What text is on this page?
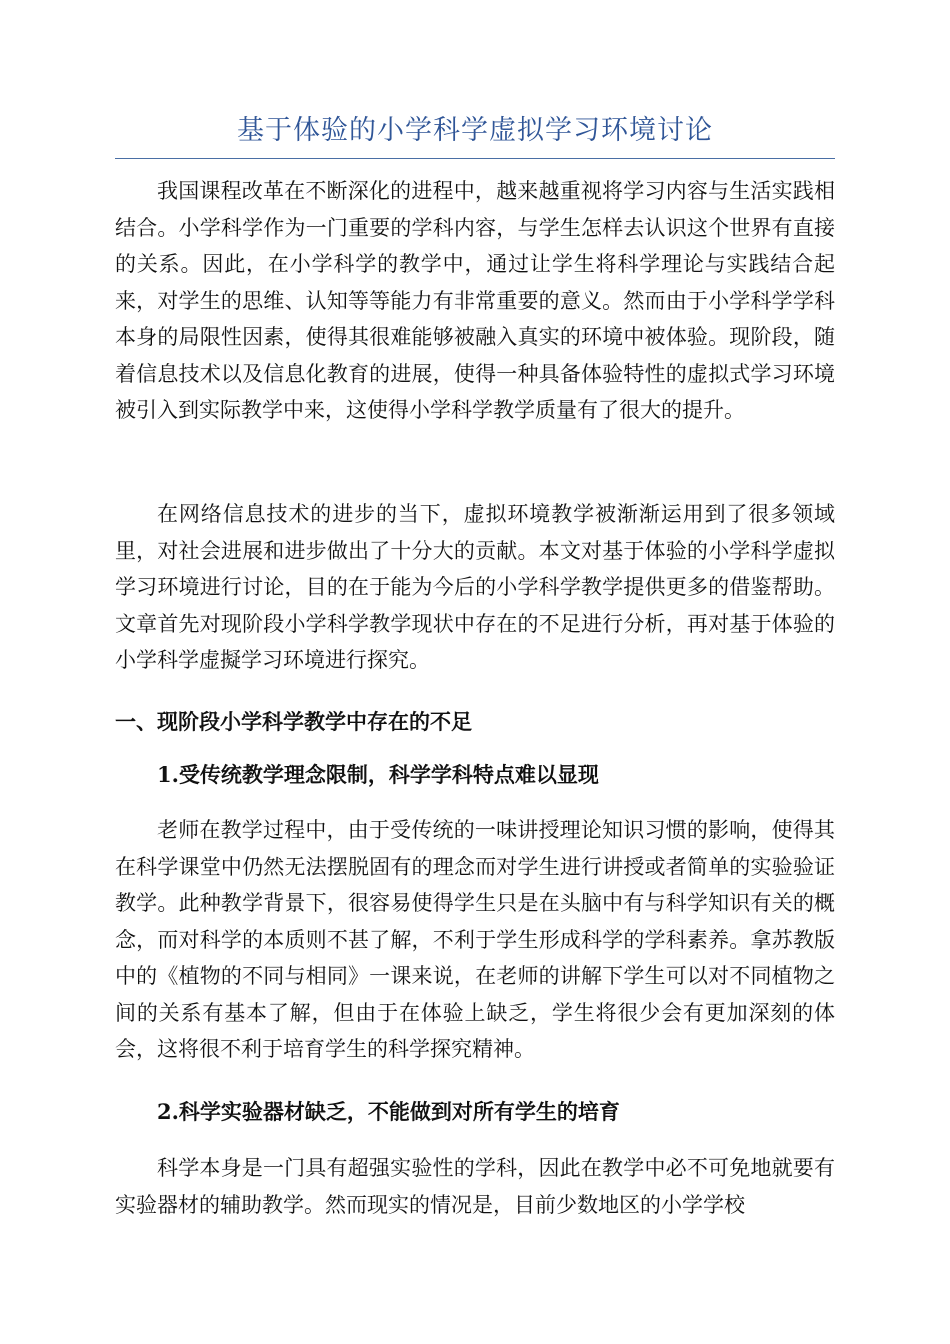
基于体验的小学科学虚拟学习环境讨论

我国课程改革在不断深化的进程中，越来越重视将学习内容与生活实践相结合。小学科学作为一门重要的学科内容，与学生怎样去认识这个世界有直接的关系。因此，在小学科学的教学中，通过让学生将科学理论与实践结合起来，对学生的思维、认知等等能力有非常重要的意义。然而由于小学科学学科本身的局限性因素，使得其很难能够被融入真实的环境中被体验。现阶段，随着信息技术以及信息化教育的进展，使得一种具备体验特性的虚拟式学习环境被引入到实际教学中来，这使得小学科学教学质量有了很大的提升。

在网络信息技术的进步的当下，虚拟环境教学被渐渐运用到了很多领域里，对社会进展和进步做出了十分大的贡献。本文对基于体验的小学科学虚拟学习环境进行讨论，目的在于能为今后的小学科学教学提供更多的借鉴帮助。文章首先对现阶段小学科学教学现状中存在的不足进行分析，再对基于体验的小学科学虚擬学习环境进行探究。

一、现阶段小学科学教学中存在的不足
1.受传统教学理念限制，科学学科特点难以显现

老师在教学过程中，由于受传统的一味讲授理论知识习惯的影响，使得其在科学课堂中仍然无法摆脱固有的理念而对学生进行讲授或者简单的实验验证教学。此种教学背景下，很容易使得学生只是在头脑中有与科学知识有关的概念，而对科学的本质则不甚了解，不利于学生形成科学的学科素养。拿苏教版中的《植物的不同与相同》一课来说，在老师的讲解下学生可以对不同植物之间的关系有基本了解，但由于在体验上缺乏，学生将很少会有更加深刻的体会，这将很不利于培育学生的科学探究精神。

2.科学实验器材缺乏，不能做到对所有学生的培育

科学本身是一门具有超强实验性的学科，因此在教学中必不可免地就要有实验器材的辅助教学。然而现实的情况是，目前少数地区的小学学校
